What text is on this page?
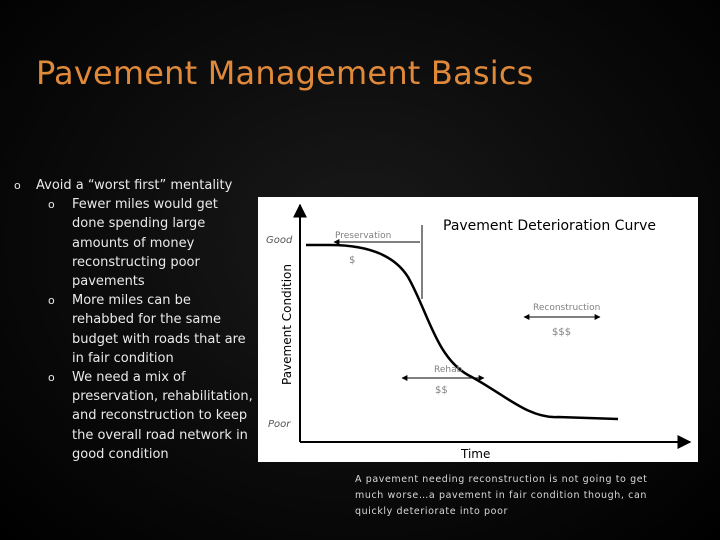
Pavement Management Basics
o Avoid a “worst first” mentality
o Fewer miles would get done spending large amounts of money reconstructing poor pavements
o More miles can be rehabbed for the same budget with roads that are in fair condition
o We need a mix of preservation, rehabilitation, and reconstruction to keep the overall road network in good condition
Pavement Deterioration Curve
Pavement Condition
Time
Good
Poor
Preservation
$
Reconstruction
$$$
Rehab
$$
A pavement needing reconstruction is not going to get much worse…a pavement in fair condition though, can quickly deteriorate into poor
